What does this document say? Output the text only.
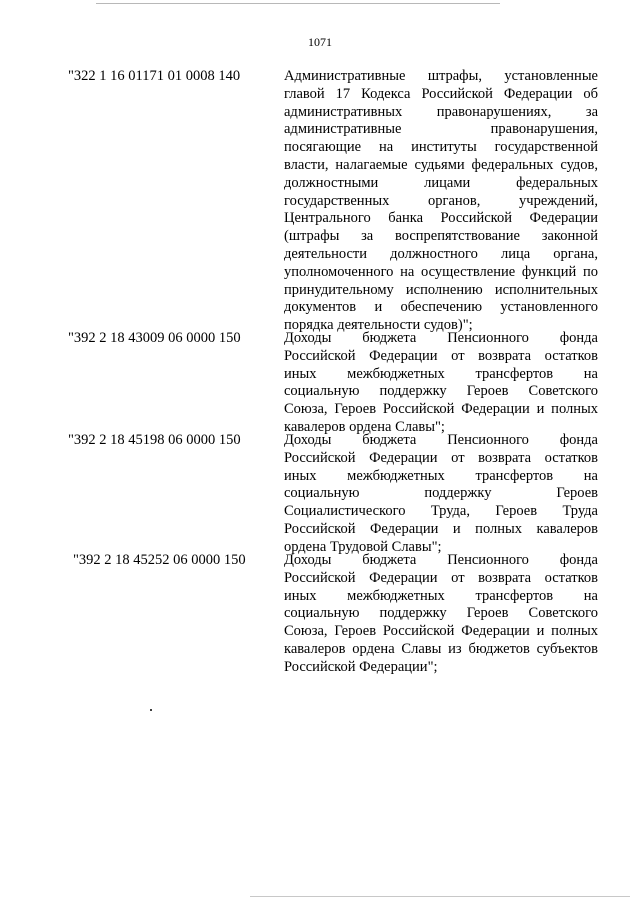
1071
"322 1 16 01171 01 0008 140	Административные штрафы, установленные
главой 17 Кодекса Российской Федерации об
административных правонарушениях, за
административные правонарушения,
посягающие на институты государственной
власти, налагаемые судьями федеральных судов,
должностными лицами федеральных
государственных органов, учреждений,
Центрального банка Российской Федерации
(штрафы за воспрепятствование законной
деятельности должностного лица органа,
уполномоченного на осуществление функций по
принудительному исполнению исполнительных
документов и обеспечению установленного
порядка деятельности судов)";
"392 2 18 43009 06 0000 150	Доходы бюджета Пенсионного фонда
Российской Федерации от возврата остатков
иных межбюджетных трансфертов на
социальную поддержку Героев Советского
Союза, Героев Российской Федерации и полных
кавалеров ордена Славы";
"392 2 18 45198 06 0000 150	Доходы бюджета Пенсионного фонда
Российской Федерации от возврата остатков
иных межбюджетных трансфертов на
социальную поддержку Героев
Социалистического Труда, Героев Труда
Российской Федерации и полных кавалеров
ордена Трудовой Славы";
"392 2 18 45252 06 0000 150	Доходы бюджета Пенсионного фонда
Российской Федерации от возврата остатков
иных межбюджетных трансфертов на
социальную поддержку Героев Советского
Союза, Героев Российской Федерации и полных
кавалеров ордена Славы из бюджетов субъектов
Российской Федерации";
